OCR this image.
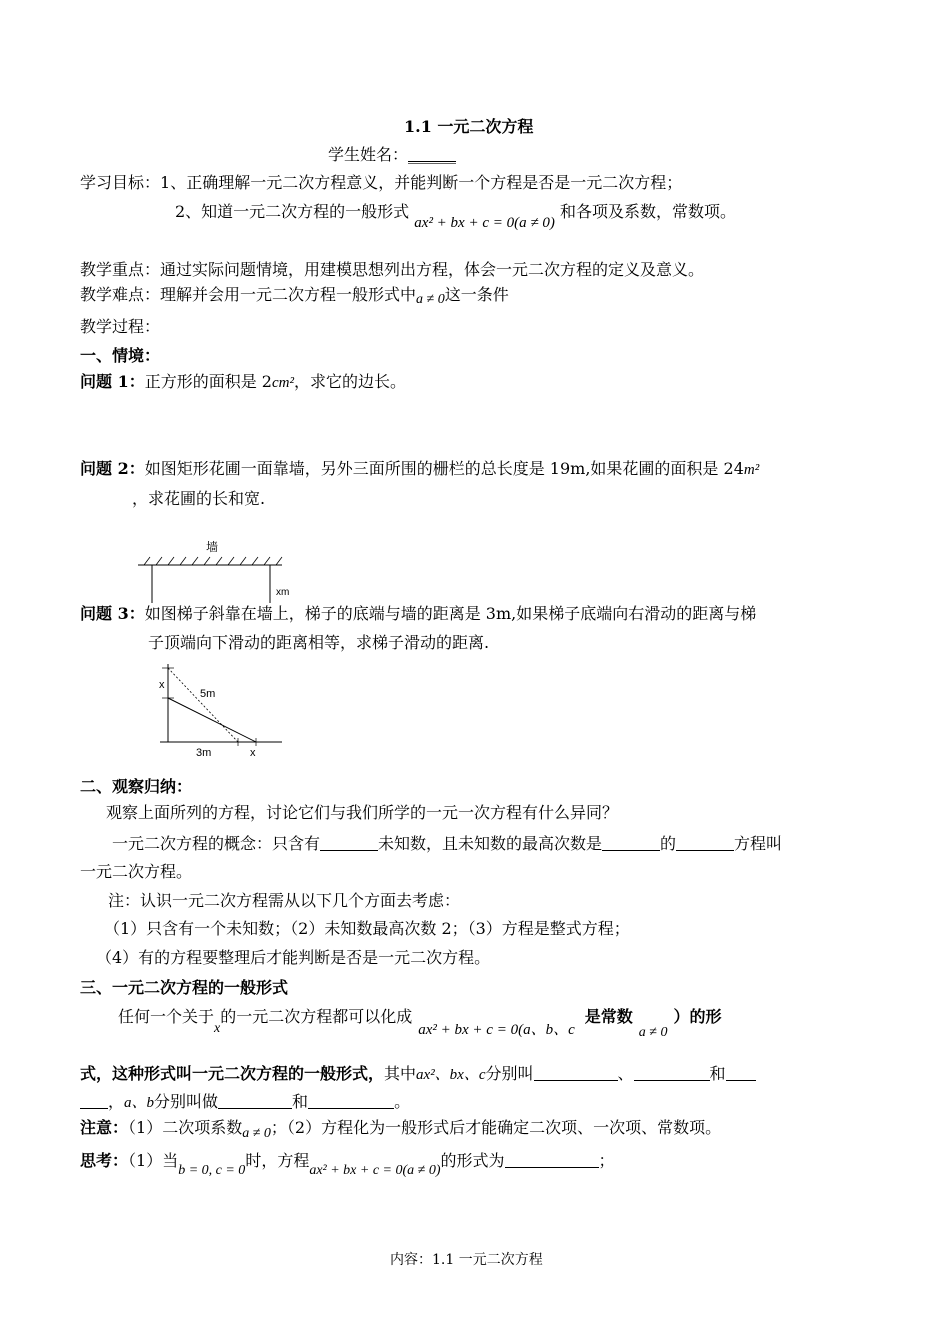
1.1 一元二次方程
学生姓名：______
学习目标：1、正确理解一元二次方程意义，并能判断一个方程是否是一元二次方程；
2、知道一元二次方程的一般形式 ax² + bx + c = 0(a ≠ 0) 和各项及系数，常数项。
教学重点：通过实际问题情境，用建模思想列出方程，体会一元二次方程的定义及意义。
教学难点：理解并会用一元二次方程一般形式中a ≠ 0这一条件
教学过程：
一、情境：
问题 1：正方形的面积是 2cm²，求它的边长。
问题 2：如图矩形花圃一面靠墙，另外三面所围的栅栏的总长度是 19m,如果花圃的面积是 24m²
，求花圃的长和宽.
墙
xm
问题 3：如图梯子斜靠在墙上，梯子的底端与墙的距离是 3m,如果梯子底端向右滑动的距离与梯
子顶端向下滑动的距离相等，求梯子滑动的距离.
x
5m
3m	x
二、观察归纳：
观察上面所列的方程，讨论它们与我们所学的一元一次方程有什么异同？
一元二次方程的概念：只含有	未知数，且未知数的最高次数是	的	方程叫
一元二次方程。
注：认识一元二次方程需从以下几个方面去考虑：
（1）只含有一个未知数；（2）未知数最高次数 2；（3）方程是整式方程；
（4）有的方程要整理后才能判断是否是一元二次方程。
三、一元二次方程的一般形式
任何一个关于x的一元二次方程都可以化成ax² + bx + c = 0(a、b、c是常数a ≠ 0）的形
式，这种形式叫一元二次方程的一般形式，其中ax²、bx、c分别叫	、	和
，a、b分别叫做	和	。
注意：（1）二次项系数a ≠ 0；（2）方程化为一般形式后才能确定二次项、一次项、常数项。
思考：（1）当b = 0, c = 0时，方程ax² + bx + c = 0(a ≠ 0)的形式为	；
内容：1.1 一元二次方程
